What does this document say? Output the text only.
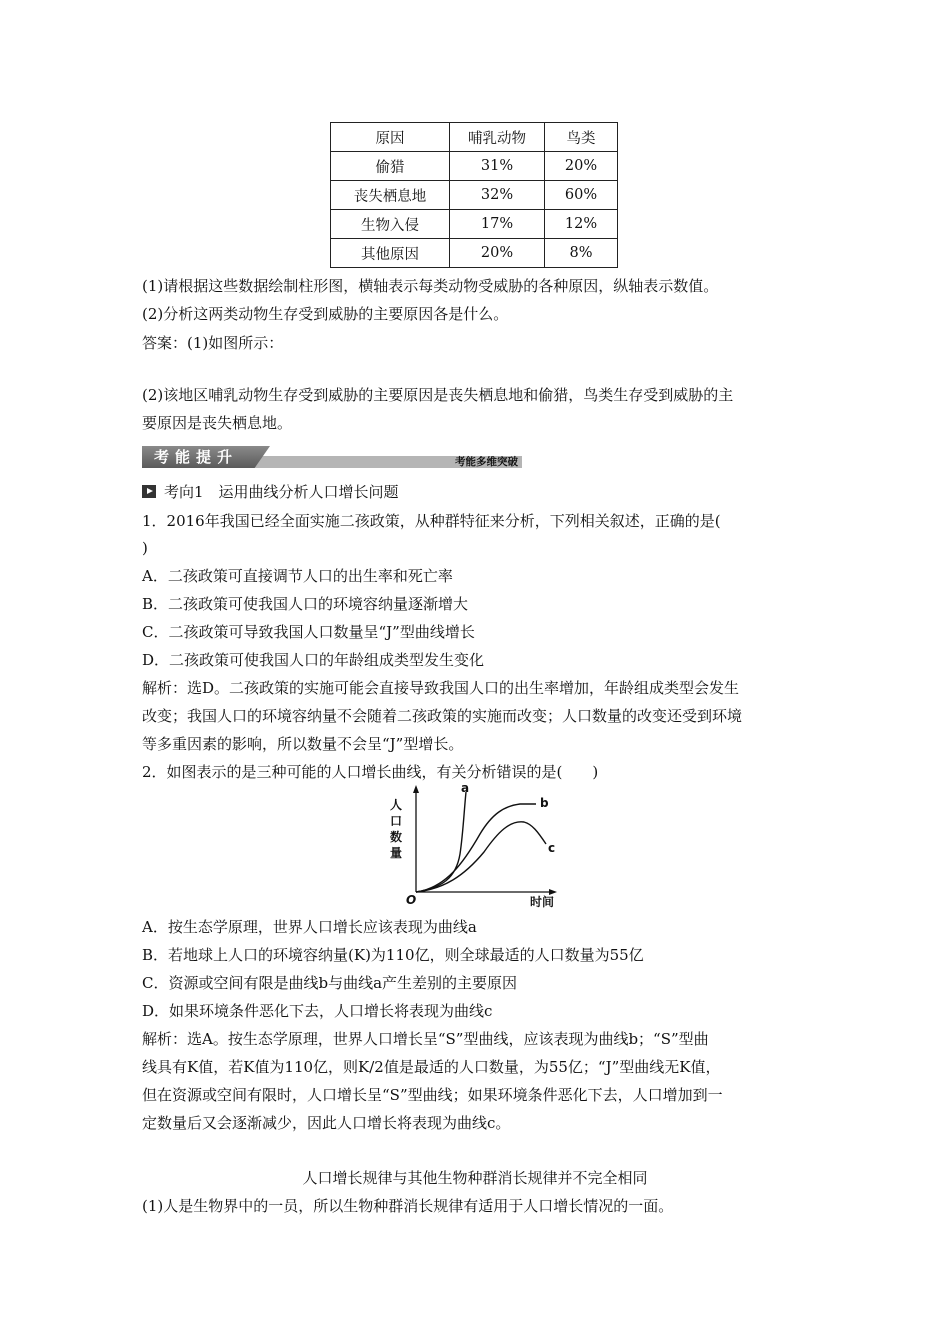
原因	哺乳动物	鸟类
偷猎	31%	20%
丧失栖息地	32%	60%
生物入侵	17%	12%
其他原因	20%	8%
(1)请根据这些数据绘制柱形图，横轴表示每类动物受威胁的各种原因，纵轴表示数值。
(2)分析这两类动物生存受到威胁的主要原因各是什么。
答案：(1)如图所示：
(2)该地区哺乳动物生存受到威胁的主要原因是丧失栖息地和偷猎，鸟类生存受到威胁的主
要原因是丧失栖息地。
考能多维突破
考能提升
考向1　运用曲线分析人口增长问题
1．2016年我国已经全面实施二孩政策，从种群特征来分析，下列相关叙述，正确的是(
)
A．二孩政策可直接调节人口的出生率和死亡率
B．二孩政策可使我国人口的环境容纳量逐渐增大
C．二孩政策可导致我国人口数量呈“J”型曲线增长
D．二孩政策可使我国人口的年龄组成类型发生变化
解析：选D。二孩政策的实施可能会直接导致我国人口的出生率增加，年龄组成类型会发生
改变；我国人口的环境容纳量不会随着二孩政策的实施而改变；人口数量的改变还受到环境
等多重因素的影响，所以数量不会呈“J”型增长。
2．如图表示的是三种可能的人口增长曲线，有关分析错误的是(　　)
人
口
数
量
O	时间
a
b
c
A．按生态学原理，世界人口增长应该表现为曲线a
B．若地球上人口的环境容纳量(K)为110亿，则全球最适的人口数量为55亿
C．资源或空间有限是曲线b与曲线a产生差别的主要原因
D．如果环境条件恶化下去，人口增长将表现为曲线c
解析：选A。按生态学原理，世界人口增长呈“S”型曲线，应该表现为曲线b；“S”型曲
线具有K值，若K值为110亿，则K/2值是最适的人口数量，为55亿；“J”型曲线无K值，
但在资源或空间有限时，人口增长呈“S”型曲线；如果环境条件恶化下去，人口增加到一
定数量后又会逐渐减少，因此人口增长将表现为曲线c。
人口增长规律与其他生物种群消长规律并不完全相同
(1)人是生物界中的一员，所以生物种群消长规律有适用于人口增长情况的一面。
